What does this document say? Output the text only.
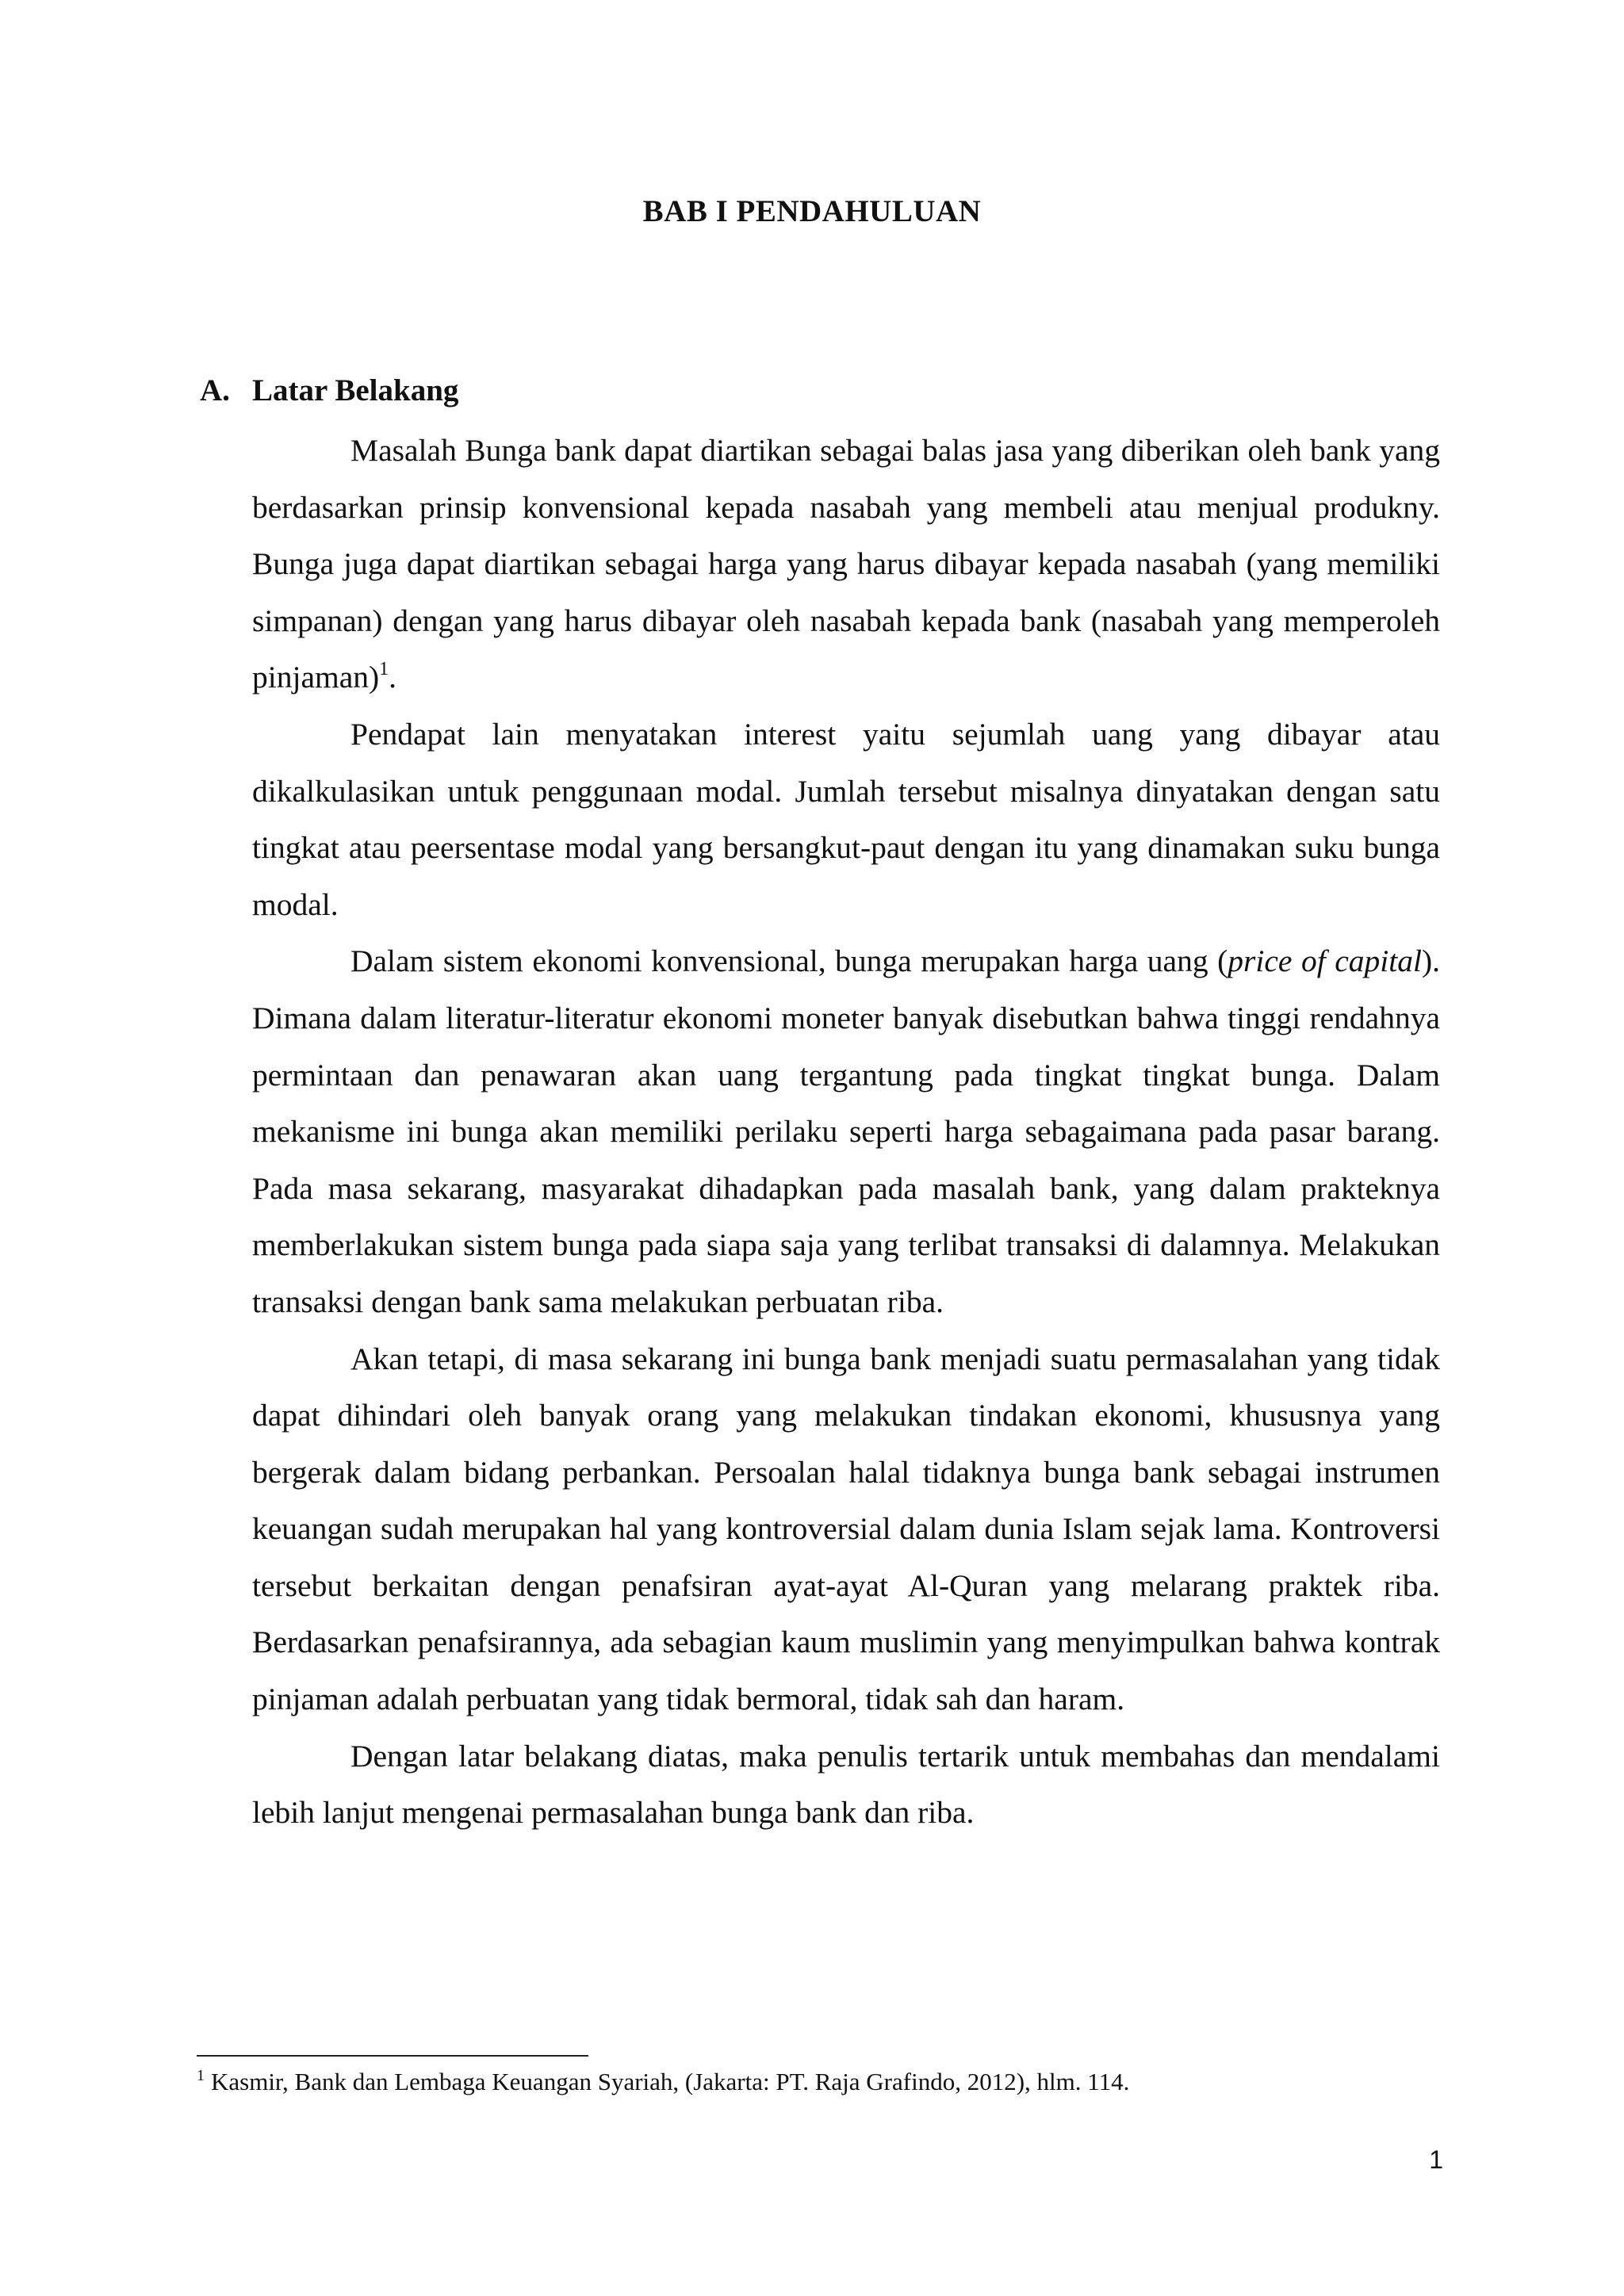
BAB I PENDAHULUAN
A. Latar Belakang

Masalah Bunga bank dapat diartikan sebagai balas jasa yang diberikan oleh bank yang berdasarkan prinsip konvensional kepada nasabah yang membeli atau menjual produkny. Bunga juga dapat diartikan sebagai harga yang harus dibayar kepada nasabah (yang memiliki simpanan) dengan yang harus dibayar oleh nasabah kepada bank (nasabah yang memperoleh pinjaman)$^1$.

Pendapat lain menyatakan interest yaitu sejumlah uang yang dibayar atau dikalkulasikan untuk penggunaan modal. Jumlah tersebut misalnya dinyatakan dengan satu tingkat atau peersentase modal yang bersangkut-paut dengan itu yang dinamakan suku bunga modal.

Dalam sistem ekonomi konvensional, bunga merupakan harga uang (price of capital). Dimana dalam literatur-literatur ekonomi moneter banyak disebutkan bahwa tinggi rendahnya permintaan dan penawaran akan uang tergantung pada tingkat tingkat bunga. Dalam mekanisme ini bunga akan memiliki perilaku seperti harga sebagaimana pada pasar barang. Pada masa sekarang, masyarakat dihadapkan pada masalah bank, yang dalam prakteknya memberlakukan sistem bunga pada siapa saja yang terlibat transaksi di dalamnya. Melakukan transaksi dengan bank sama melakukan perbuatan riba.

Akan tetapi, di masa sekarang ini bunga bank menjadi suatu permasalahan yang tidak dapat dihindari oleh banyak orang yang melakukan tindakan ekonomi, khususnya yang bergerak dalam bidang perbankan. Persoalan halal tidaknya bunga bank sebagai instrumen keuangan sudah merupakan hal yang kontroversial dalam dunia Islam sejak lama. Kontroversi tersebut berkaitan dengan penafsiran ayat-ayat Al-Quran yang melarang praktek riba. Berdasarkan penafsirannya, ada sebagian kaum muslimin yang menyimpulkan bahwa kontrak pinjaman adalah perbuatan yang tidak bermoral, tidak sah dan haram.

Dengan latar belakang diatas, maka penulis tertarik untuk membahas dan mendalami lebih lanjut mengenai permasalahan bunga bank dan riba.

$^1$ Kasmir, Bank dan Lembaga Keuangan Syariah, (Jakarta: PT. Raja Grafindo, 2012), hlm. 114.

1
